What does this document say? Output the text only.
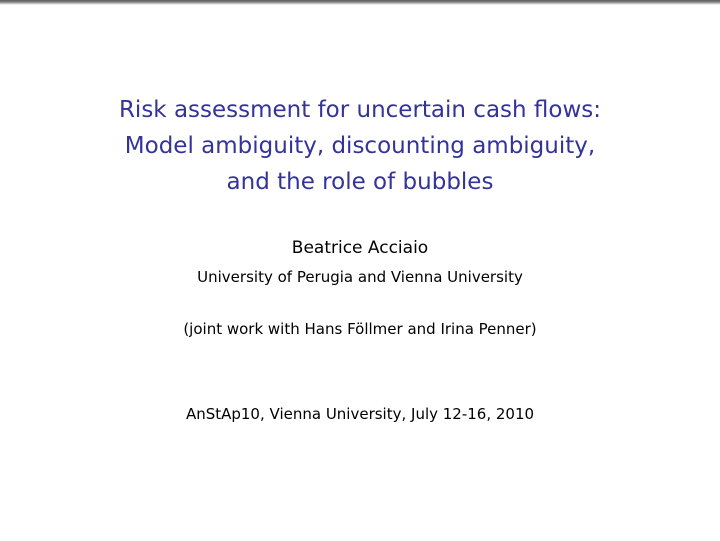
Risk assessment for uncertain cash flows:
Model ambiguity, discounting ambiguity,
and the role of bubbles
Beatrice Acciaio
University of Perugia and Vienna University
(joint work with Hans Föllmer and Irina Penner)
AnStAp10, Vienna University, July 12-16, 2010
